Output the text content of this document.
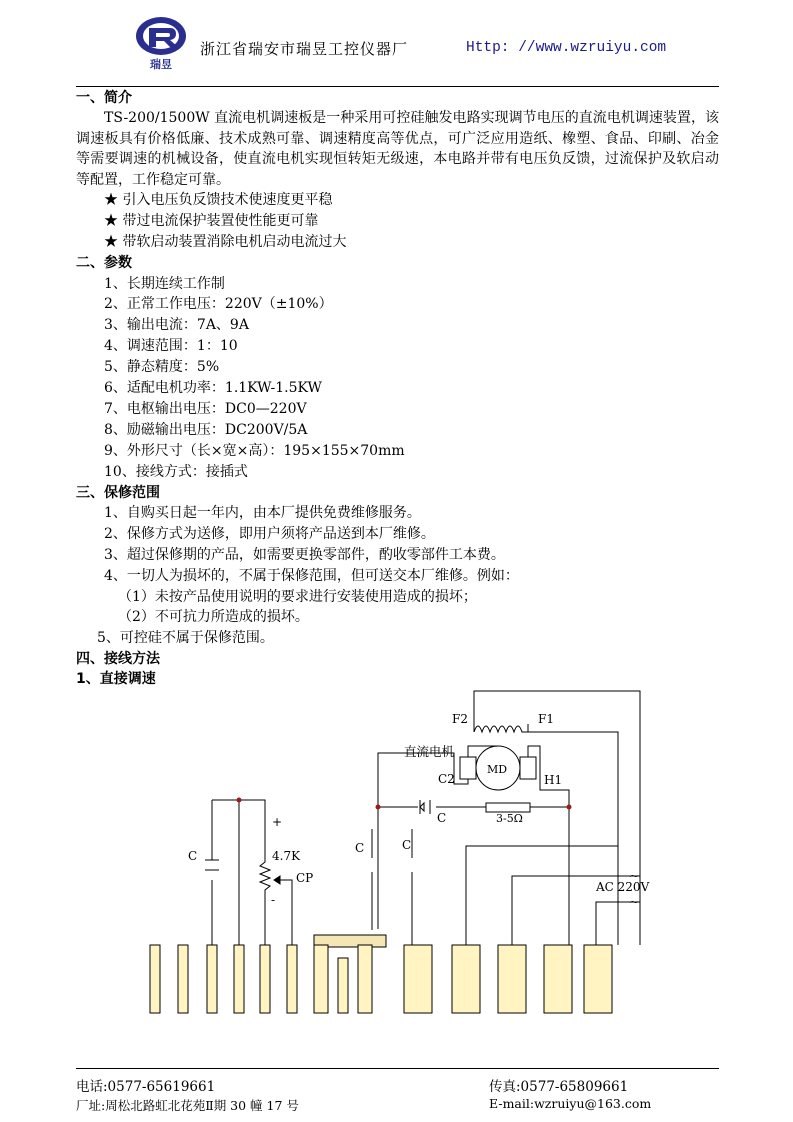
瑞昱
浙江省瑞安市瑞昱工控仪器厂	Http: //www.wzruiyu.com
一、简介
TS-200/1500W 直流电机调速板是一种采用可控硅触发电路实现调节电压的直流电机调速装置，该调速板具有价格低廉、技术成熟可靠、调速精度高等优点，可广泛应用造纸、橡塑、食品、印刷、冶金等需要调速的机械设备，使直流电机实现恒转矩无级速，本电路并带有电压负反馈，过流保护及软启动等配置，工作稳定可靠。
★ 引入电压负反馈技术使速度更平稳
★ 带过电流保护装置使性能更可靠
★ 带软启动装置消除电机启动电流过大
二、参数
1、长期连续工作制
2、正常工作电压：220V（±10%）
3、输出电流：7A、9A
4、调速范围：1：10
5、静态精度：5%
6、适配电机功率：1.1KW-1.5KW
7、电枢输出电压：DC0—220V
8、励磁输出电压：DC200V/5A
9、外形尺寸（长×宽×高）：195×155×70mm
10、接线方式：接插式
三、保修范围
1、自购买日起一年内，由本厂提供免费维修服务。
2、保修方式为送修，即用户须将产品送到本厂维修。
3、超过保修期的产品，如需要更换零部件，酌收零部件工本费。
4、一切人为损坏的，不属于保修范围，但可送交本厂维修。例如：
（1）未按产品使用说明的要求进行安装使用造成的损坏；
（2）不可抗力所造成的损坏。
5、可控硅不属于保修范围。
四、接线方法
1、直接调速
F2	F1
直流电机
MD
C2	H1
C	3-5Ω
C
+
4.7K
CP
-
C	C
~
AC 220V
~
电话:0577-65619661	传真:0577-65809661
厂址:周松北路虹北花苑Ⅱ期 30 幢 17 号	E-mail:wzruiyu@163.com
